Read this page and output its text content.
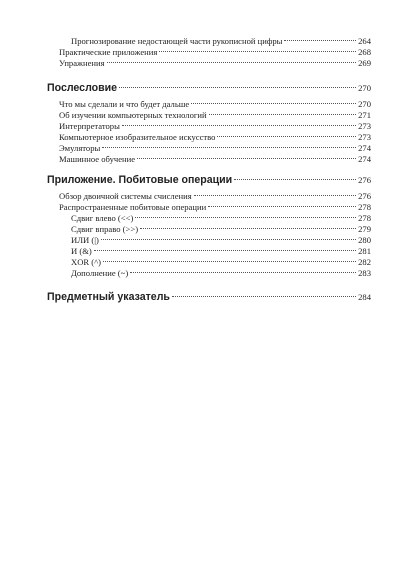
Прогнозирование недостающей части рукописной цифры	264
Практические приложения	268
Упражнения	269
Послесловие	270
Что мы сделали и что будет дальше	270
Об изучении компьютерных технологий	271
Интерпретаторы	273
Компьютерное изобразительное искусство	273
Эмуляторы	274
Машинное обучение	274
Приложение. Побитовые операции	276
Обзор двоичной системы счисления	276
Распространенные побитовые операции	278
Сдвиг влево (<<)	278
Сдвиг вправо (>>)	279
ИЛИ (|)	280
И (&)	281
XOR (^)	282
Дополнение (~)	283
Предметный указатель	284
